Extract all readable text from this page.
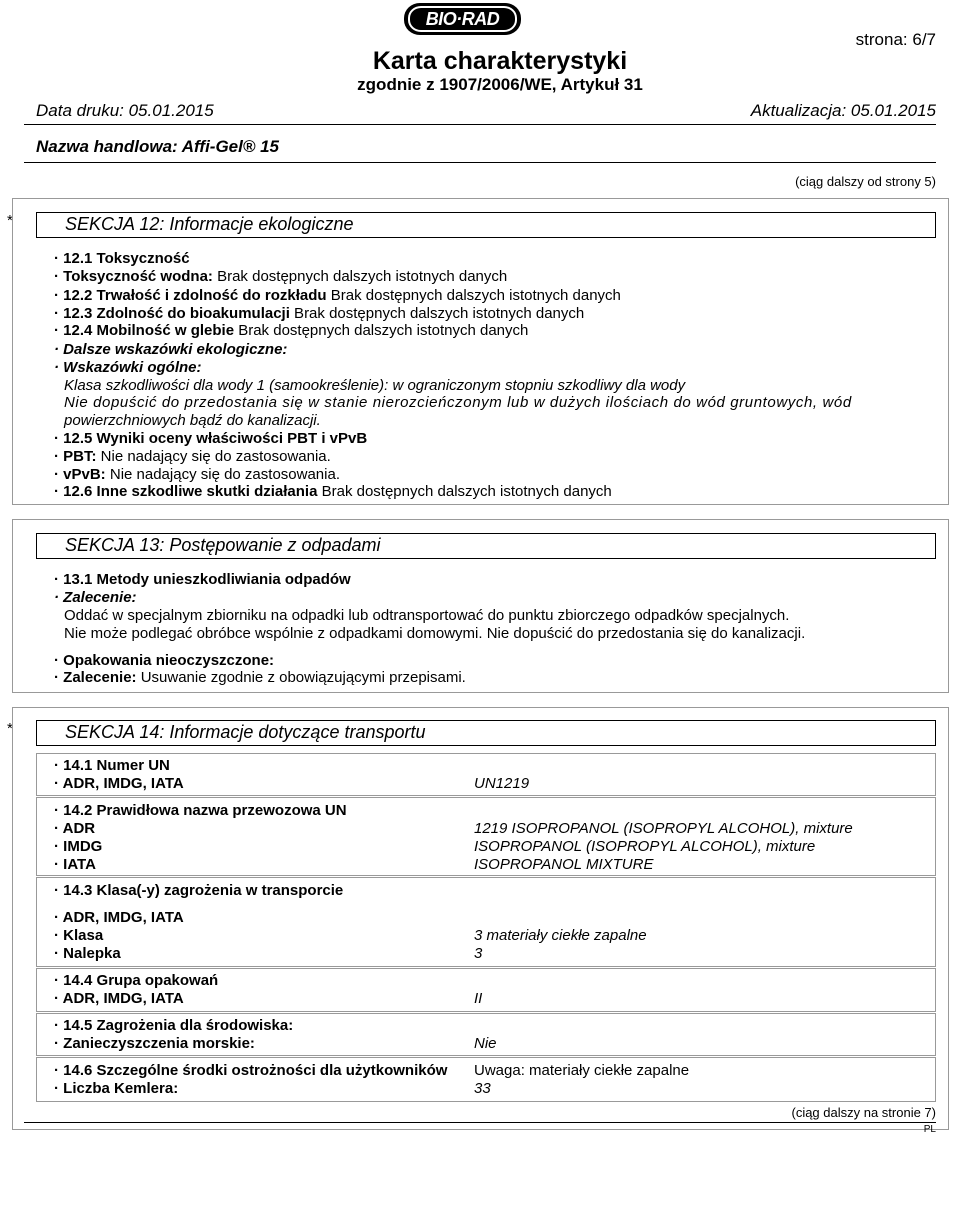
BIO·RAD
strona: 6/7
Karta charakterystyki
zgodnie z 1907/2006/WE, Artykuł 31
Data druku: 05.01.2015	Aktualizacja: 05.01.2015
Nazwa handlowa: Affi-Gel® 15
(ciąg dalszy od strony 5)
*	SEKCJA 12: Informacje ekologiczne
· 12.1 Toksyczność
· Toksyczność wodna: Brak dostępnych dalszych istotnych danych
· 12.2 Trwałość i zdolność do rozkładu Brak dostępnych dalszych istotnych danych
· 12.3 Zdolność do bioakumulacji Brak dostępnych dalszych istotnych danych
· 12.4 Mobilność w glebie Brak dostępnych dalszych istotnych danych
· Dalsze wskazówki ekologiczne:
· Wskazówki ogólne:
Klasa szkodliwości dla wody 1 (samookreślenie): w ograniczonym stopniu szkodliwy dla wody
Nie dopuścić do przedostania się w stanie nierozcieńczonym lub w dużych ilościach do wód gruntowych, wód
powierzchniowych bądź do kanalizacji.
· 12.5 Wyniki oceny właściwości PBT i vPvB
· PBT: Nie nadający się do zastosowania.
· vPvB: Nie nadający się do zastosowania.
· 12.6 Inne szkodliwe skutki działania Brak dostępnych dalszych istotnych danych
SEKCJA 13: Postępowanie z odpadami
· 13.1 Metody unieszkodliwiania odpadów
· Zalecenie:
Oddać w specjalnym zbiorniku na odpadki lub odtransportować do punktu zbiorczego odpadków specjalnych.
Nie może podlegać obróbce wspólnie z odpadkami domowymi. Nie dopuścić do przedostania się do kanalizacji.
· Opakowania nieoczyszczone:
· Zalecenie: Usuwanie zgodnie z obowiązującymi przepisami.
*	SEKCJA 14: Informacje dotyczące transportu
· 14.1 Numer UN
· ADR, IMDG, IATA	UN1219
· 14.2 Prawidłowa nazwa przewozowa UN
· ADR	1219 ISOPROPANOL (ISOPROPYL ALCOHOL), mixture
· IMDG	ISOPROPANOL (ISOPROPYL ALCOHOL), mixture
· IATA	ISOPROPANOL MIXTURE
· 14.3 Klasa(-y) zagrożenia w transporcie
· ADR, IMDG, IATA
· Klasa	3 materiały ciekłe zapalne
· Nalepka	3
· 14.4 Grupa opakowań
· ADR, IMDG, IATA	II
· 14.5 Zagrożenia dla środowiska:
· Zanieczyszczenia morskie:	Nie
· 14.6 Szczególne środki ostrożności dla użytkowników Uwaga: materiały ciekłe zapalne
· Liczba Kemlera:	33
(ciąg dalszy na stronie 7)
PL
